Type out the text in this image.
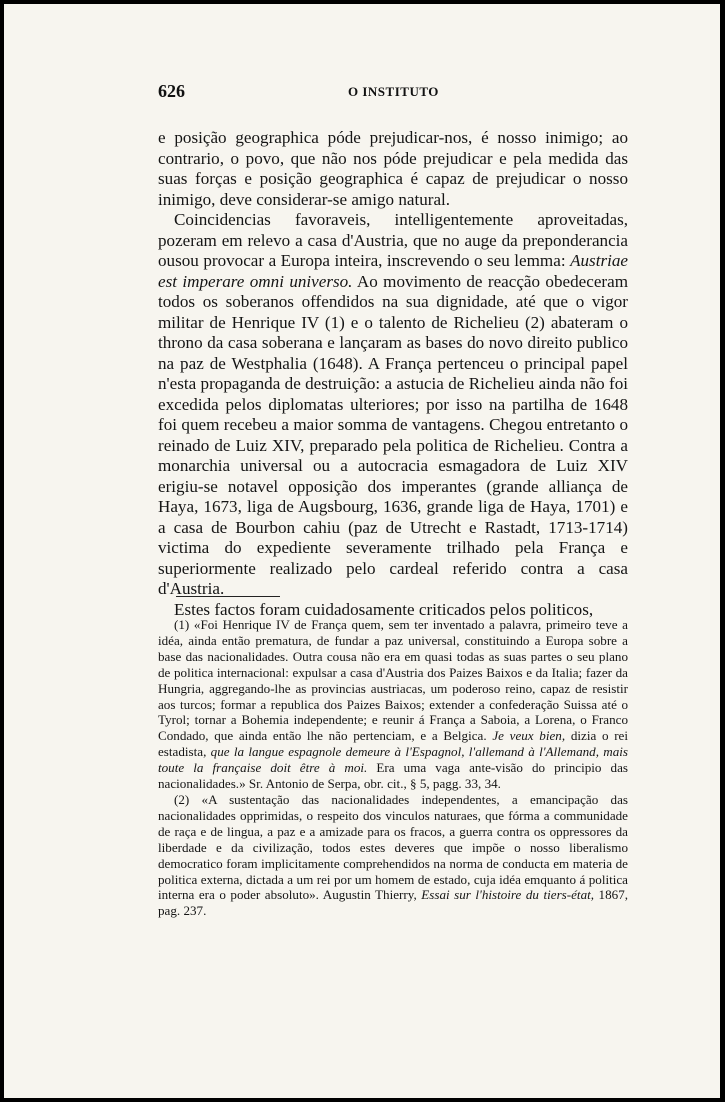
626	O INSTITUTO

e posição geographica póde prejudicar-nos, é nosso inimigo; ao contrario, o povo, que não nos póde prejudicar e pela medida das suas forças e posição geographica é capaz de prejudicar o nosso inimigo, deve considerar-se amigo natural.

Coincidencias favoraveis, intelligentemente aproveitadas, pozeram em relevo a casa d'Austria, que no auge da preponderancia ousou provocar a Europa inteira, inscrevendo o seu lemma: Austriae est imperare omni universo. Ao movimento de reacção obedeceram todos os soberanos offendidos na sua dignidade, até que o vigor militar de Henrique IV (1) e o talento de Richelieu (2) abateram o throno da casa soberana e lançaram as bases do novo direito publico na paz de Westphalia (1648). A França pertenceu o principal papel n'esta propaganda de destruição: a astucia de Richelieu ainda não foi excedida pelos diplomatas ulteriores; por isso na partilha de 1648 foi quem recebeu a maior somma de vantagens. Chegou entretanto o reinado de Luiz XIV, preparado pela politica de Richelieu. Contra a monarchia universal ou a autocracia esmagadora de Luiz XIV erigiu-se notavel opposição dos imperantes (grande alliança de Haya, 1673, liga de Augsbourg, 1636, grande liga de Haya, 1701) e a casa de Bourbon cahiu (paz de Utrecht e Rastadt, 1713-1714) victima do expediente severamente trilhado pela França e superiormente realizado pelo cardeal referido contra a casa d'Austria.

Estes factos foram cuidadosamente criticados pelos politicos,

(1) «Foi Henrique IV de França quem, sem ter inventado a palavra, primeiro teve a idéa, ainda então prematura, de fundar a paz universal, constituindo a Europa sobre a base das nacionalidades. Outra cousa não era em quasi todas as suas partes o seu plano de politica internacional: expulsar a casa d'Austria dos Paizes Baixos e da Italia; fazer da Hungria, aggregando-lhe as provincias austriacas, um poderoso reino, capaz de resistir aos turcos; formar a republica dos Paizes Baixos; extender a confederação Suissa até o Tyrol; tornar a Bohemia independente; e reunir á França a Saboia, a Lorena, o Franco Condado, que ainda então lhe não pertenciam, e a Belgica. Je veux bien, dizia o rei estadista, que la langue espagnole demeure à l'Espagnol, l'allemand à l'Allemand, mais toute la française doit être à moi. Era uma vaga ante-visão do principio das nacionalidades.» Sr. Antonio de Serpa, obr. cit., § 5, pagg. 33, 34.

(2) «A sustentação das nacionalidades independentes, a emancipação das nacionalidades opprimidas, o respeito dos vinculos naturaes, que fórma a communidade de raça e de lingua, a paz e a amizade para os fracos, a guerra contra os oppressores da liberdade e da civilização, todos estes deveres que impõe o nosso liberalismo democratico foram implicitamente comprehendidos na norma de conducta em materia de politica externa, dictada a um rei por um homem de estado, cuja idéa emquanto á politica interna era o poder absoluto». Augustin Thierry, Essai sur l'histoire du tiers-état, 1867, pag. 237.
